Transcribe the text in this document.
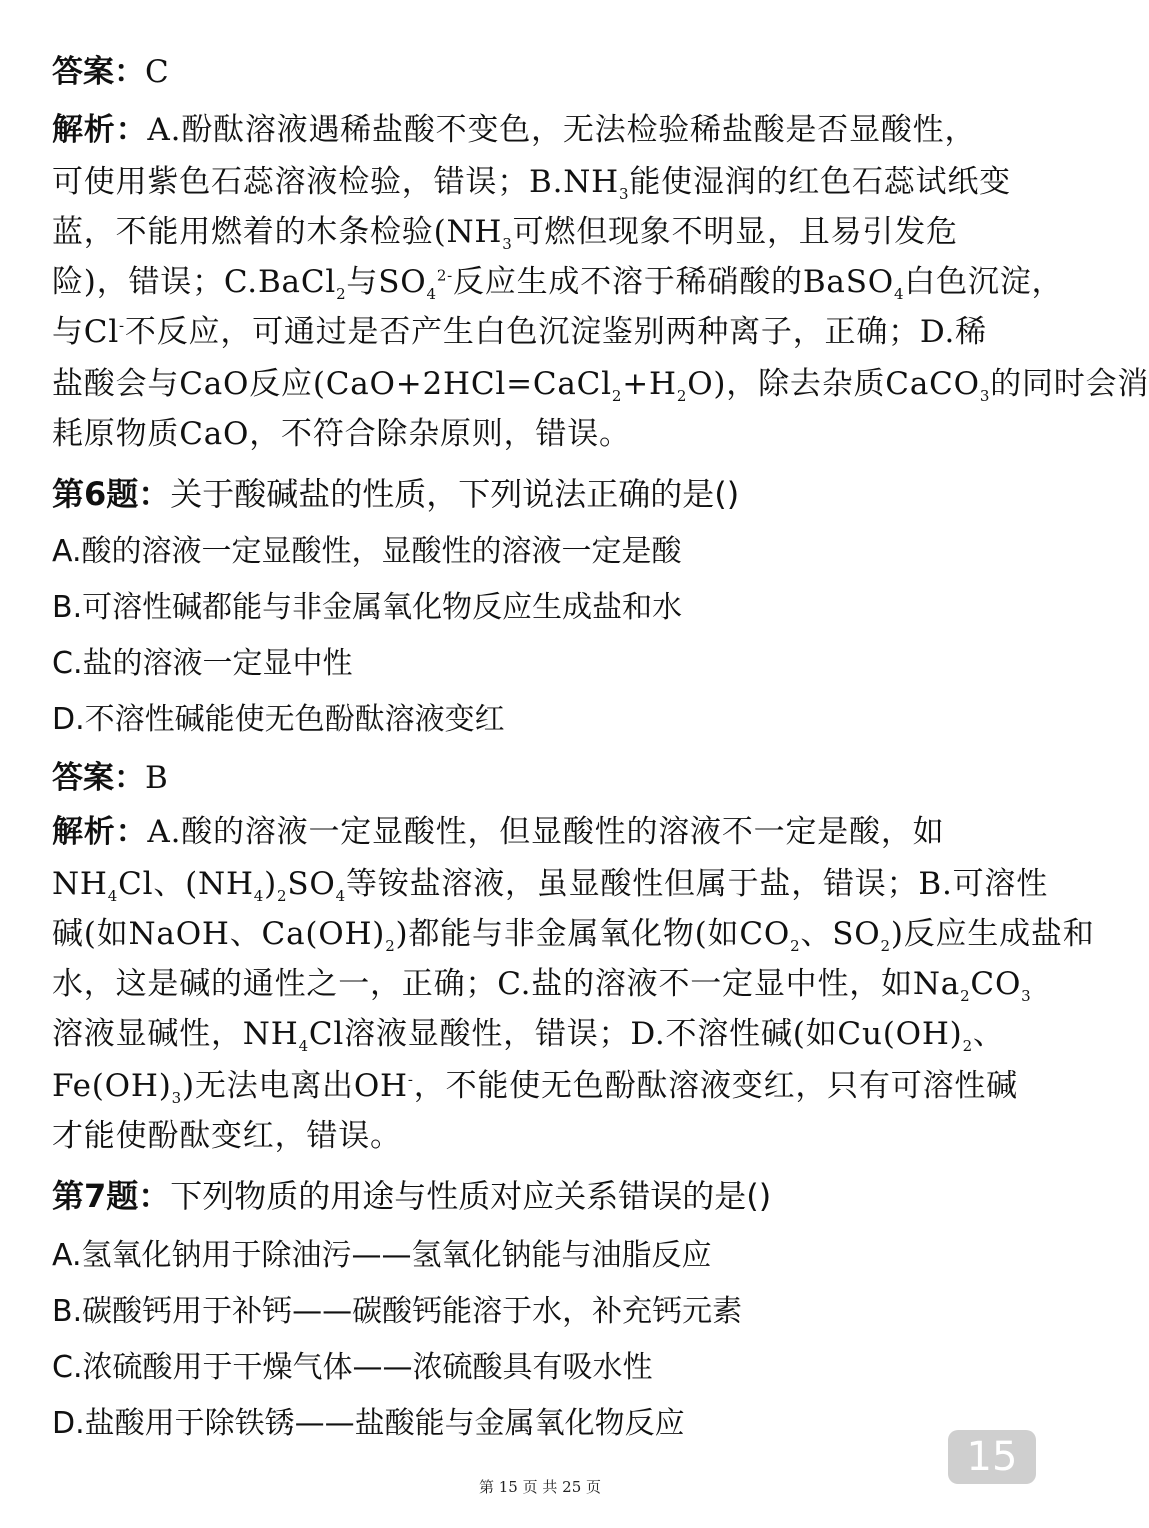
答案：C
解析：A.酚酞溶液遇稀盐酸不变色，无法检验稀盐酸是否显酸性，
可使用紫色石蕊溶液检验，错误；$B.NH_3$能使湿润的红色石蕊试纸变
蓝，不能用燃着的木条检验($NH_3$可燃但现象不明显，且易引发危
险)，错误；C.BaCl$_2$与$SO_4^{2-}$反应生成不溶于稀硝酸的BaSO$_4$白色沉淀，
与Cl-不反应，可通过是否产生白色沉淀鉴别两种离子，正确；D.稀
盐酸会与CaO反应$(CaO+2HCl=CaCl_2+H_2O)$，除去杂质CaCO$_3$的同时会消
耗原物质CaO，不符合除杂原则，错误。
第6题：关于酸碱盐的性质，下列说法正确的是()
A.酸的溶液一定显酸性，显酸性的溶液一定是酸
B.可溶性碱都能与非金属氧化物反应生成盐和水
C.盐的溶液一定显中性
D.不溶性碱能使无色酚酞溶液变红
答案：B
解析：A.酸的溶液一定显酸性，但显酸性的溶液不一定是酸，如
$NH_4Cl$、$(NH_4)_2SO_4$等铵盐溶液，虽显酸性但属于盐，错误；B.可溶性
碱(如NaOH、$Ca(OH)_2$)都能与非金属氧化物(如$CO_2$、$SO_2$)反应生成盐和
水，这是碱的通性之一，正确；C.盐的溶液不一定显中性，如$Na_2CO_3$
溶液显碱性，$NH_4Cl$溶液显酸性，错误；D.不溶性碱(如$Cu(OH)_2$、
$Fe(OH)_3$)无法电离出OH-，不能使无色酚酞溶液变红，只有可溶性碱
才能使酚酞变红，错误。
第7题：下列物质的用途与性质对应关系错误的是()
A.氢氧化钠用于除油污——氢氧化钠能与油脂反应
B.碳酸钙用于补钙——碳酸钙能溶于水，补充钙元素
C.浓硫酸用于干燥气体——浓硫酸具有吸水性
D.盐酸用于除铁锈——盐酸能与金属氧化物反应
15
第 15 页 共 25 页
